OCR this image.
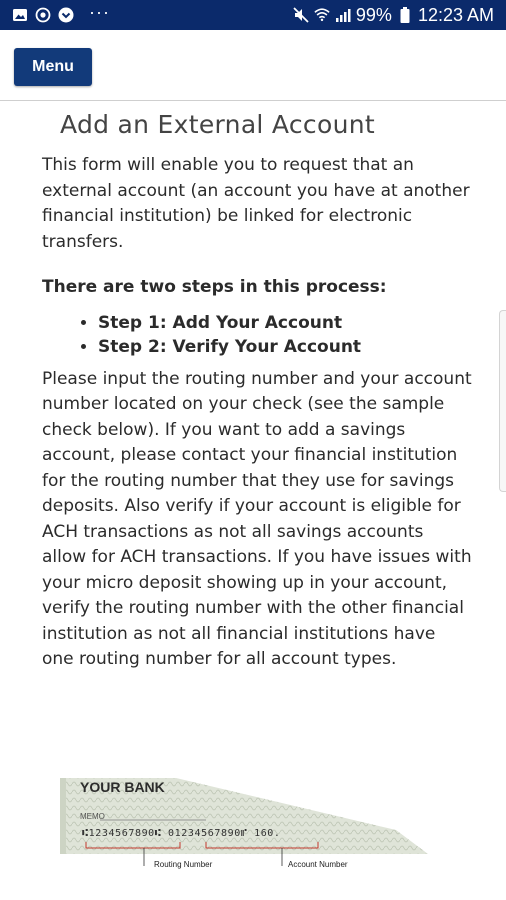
···	99% 12:23 AM
Menu
Add an External Account

This form will enable you to request that an external account (an account you have at another financial institution) be linked for electronic transfers.

There are two steps in this process:

• Step 1: Add Your Account
• Step 2: Verify Your Account

Please input the routing number and your account number located on your check (see the sample check below). If you want to add a savings account, please contact your financial institution for the routing number that they use for savings deposits. Also verify if your account is eligible for ACH transactions as not all savings accounts allow for ACH transactions. If you have issues with your micro deposit showing up in your account, verify the routing number with the other financial institution as not all financial institutions have one routing number for all account types.

YOUR BANK
MEMO
⑆1234567890⑆ 01234567890⑈ 160.
Routing Number	Account Number
